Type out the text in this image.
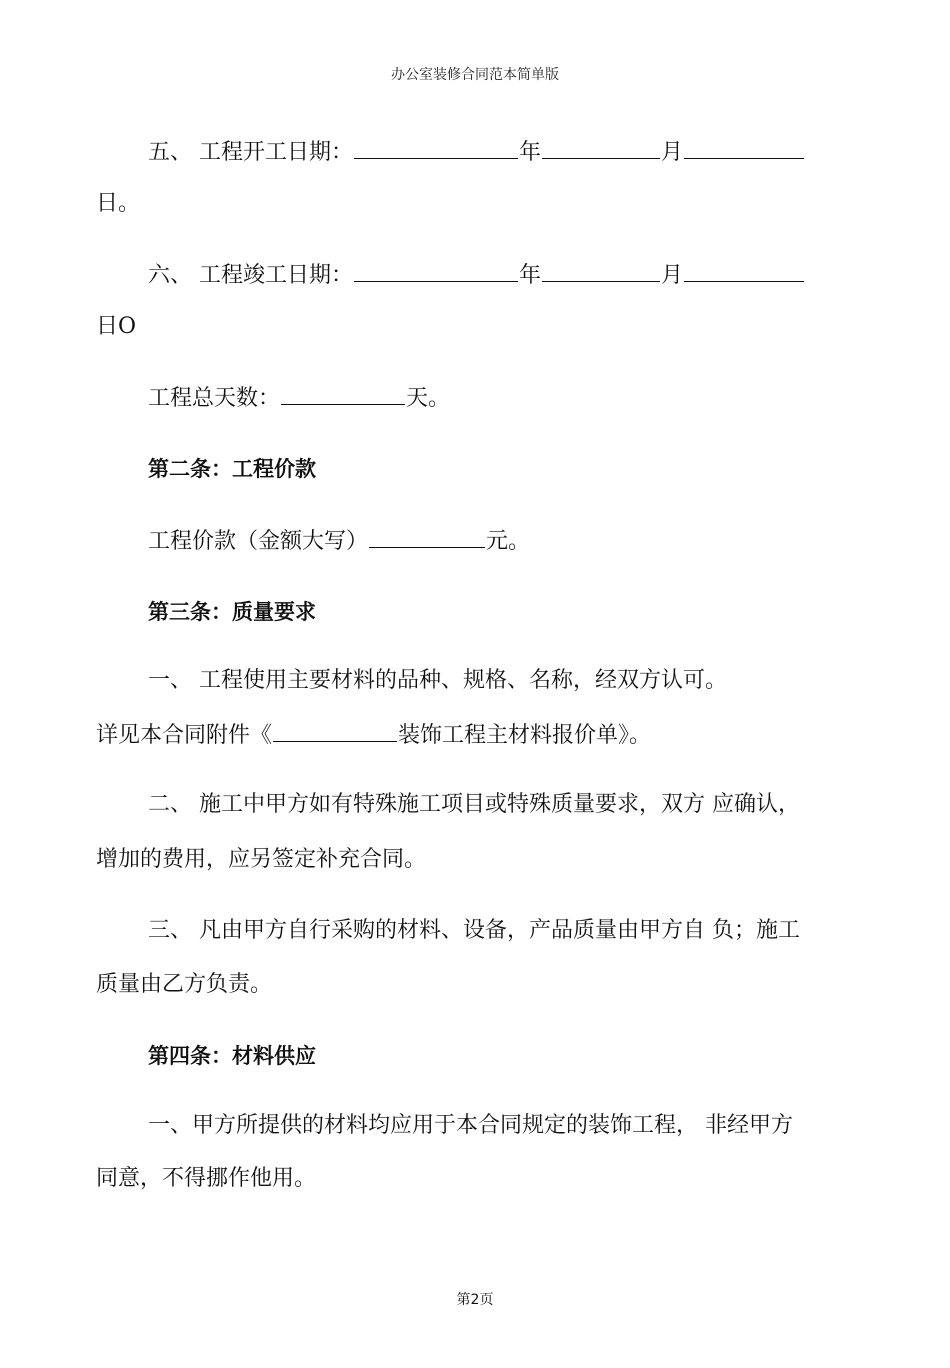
办公室装修合同范本简单版
五、 工程开工日期：	年	月
日。
六、 工程竣工日期：	年	月
日O
工程总天数：	天。
第二条：工程价款
工程价款（金额大写）	元。
第三条：质量要求
一、 工程使用主要材料的品种、规格、名称，经双方认可。
详见本合同附件《	装饰工程主材料报价单》。
二、 施工中甲方如有特殊施工项目或特殊质量要求，双方 应确认，
增加的费用，应另签定补充合同。
三、 凡由甲方自行采购的材料、设备，产品质量由甲方自 负；施工
质量由乙方负责。
第四条：材料供应
一、甲方所提供的材料均应用于本合同规定的装饰工程， 非经甲方
同意，不得挪作他用。
第2页
